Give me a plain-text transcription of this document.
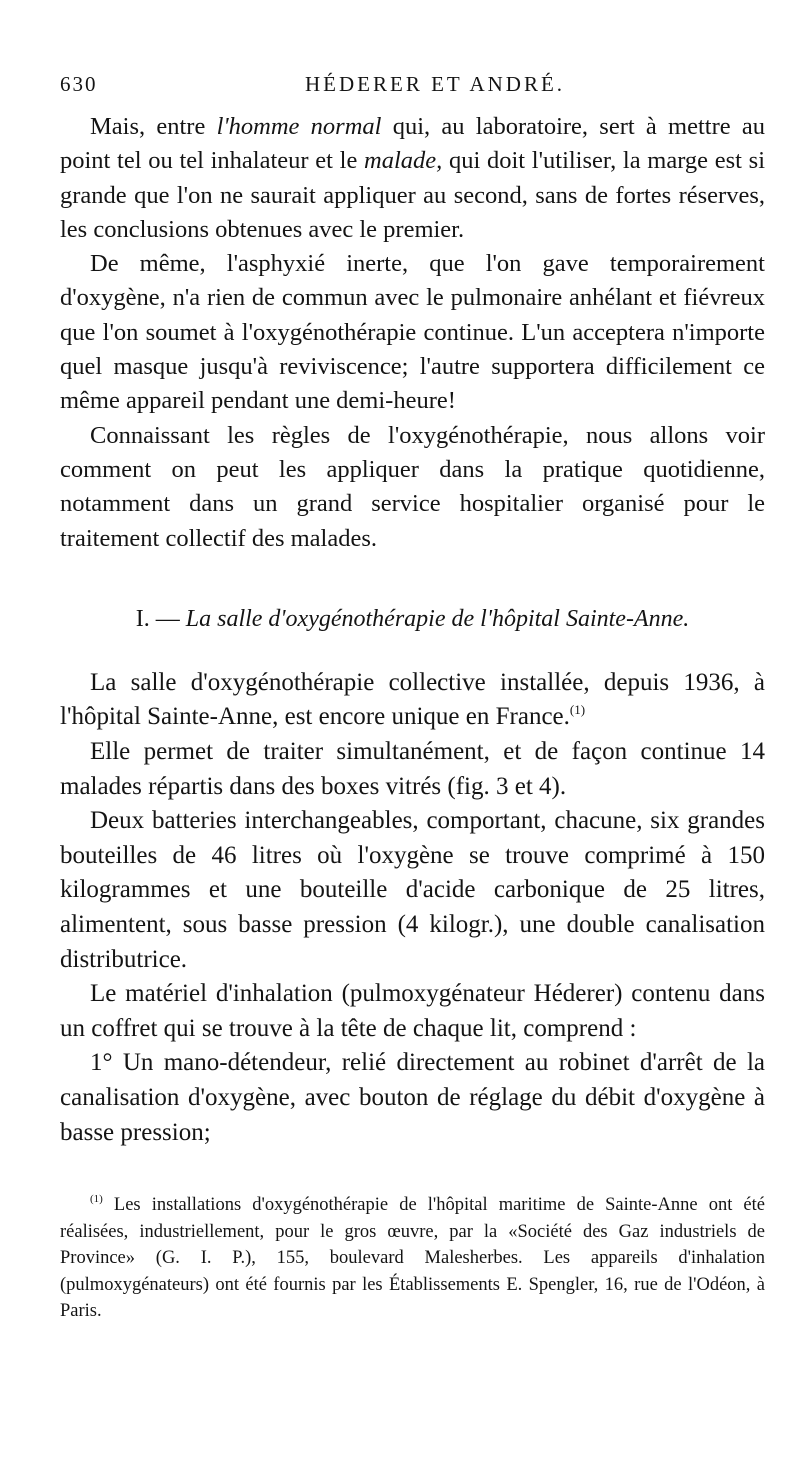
630	HÉDERER ET ANDRÉ.

Mais, entre l'homme normal qui, au laboratoire, sert à mettre au point tel ou tel inhalateur et le malade, qui doit l'utiliser, la marge est si grande que l'on ne saurait appliquer au second, sans de fortes réserves, les conclusions obtenues avec le premier.

De même, l'asphyxié inerte, que l'on gave temporairement d'oxygène, n'a rien de commun avec le pulmonaire anhélant et fiévreux que l'on soumet à l'oxygénothérapie continue. L'un acceptera n'importe quel masque jusqu'à reviviscence; l'autre supportera difficilement ce même appareil pendant une demi-heure!

Connaissant les règles de l'oxygénothérapie, nous allons voir comment on peut les appliquer dans la pratique quotidienne, notamment dans un grand service hospitalier organisé pour le traitement collectif des malades.

I. — La salle d'oxygénothérapie de l'hôpital Sainte-Anne.

La salle d'oxygénothérapie collective installée, depuis 1936, à l'hôpital Sainte-Anne, est encore unique en France.$^{(1)}$

Elle permet de traiter simultanément, et de façon continue 14 malades répartis dans des boxes vitrés (fig. 3 et 4).

Deux batteries interchangeables, comportant, chacune, six grandes bouteilles de 46 litres où l'oxygène se trouve comprimé à 150 kilogrammes et une bouteille d'acide carbonique de 25 litres, alimentent, sous basse pression (4 kilogr.), une double canalisation distributrice.

Le matériel d'inhalation (pulmoxygénateur Héderer) contenu dans un coffret qui se trouve à la tête de chaque lit, comprend :

1° Un mano-détendeur, relié directement au robinet d'arrêt de la canalisation d'oxygène, avec bouton de réglage du débit d'oxygène à basse pression;

$^{(1)}$ Les installations d'oxygénothérapie de l'hôpital maritime de Sainte-Anne ont été réalisées, industriellement, pour le gros œuvre, par la «Société des Gaz industriels de Province» (G. I. P.), 155, boulevard Malesherbes. Les appareils d'inhalation (pulmoxygénateurs) ont été fournis par les Établissements E. Spengler, 16, rue de l'Odéon, à Paris.
